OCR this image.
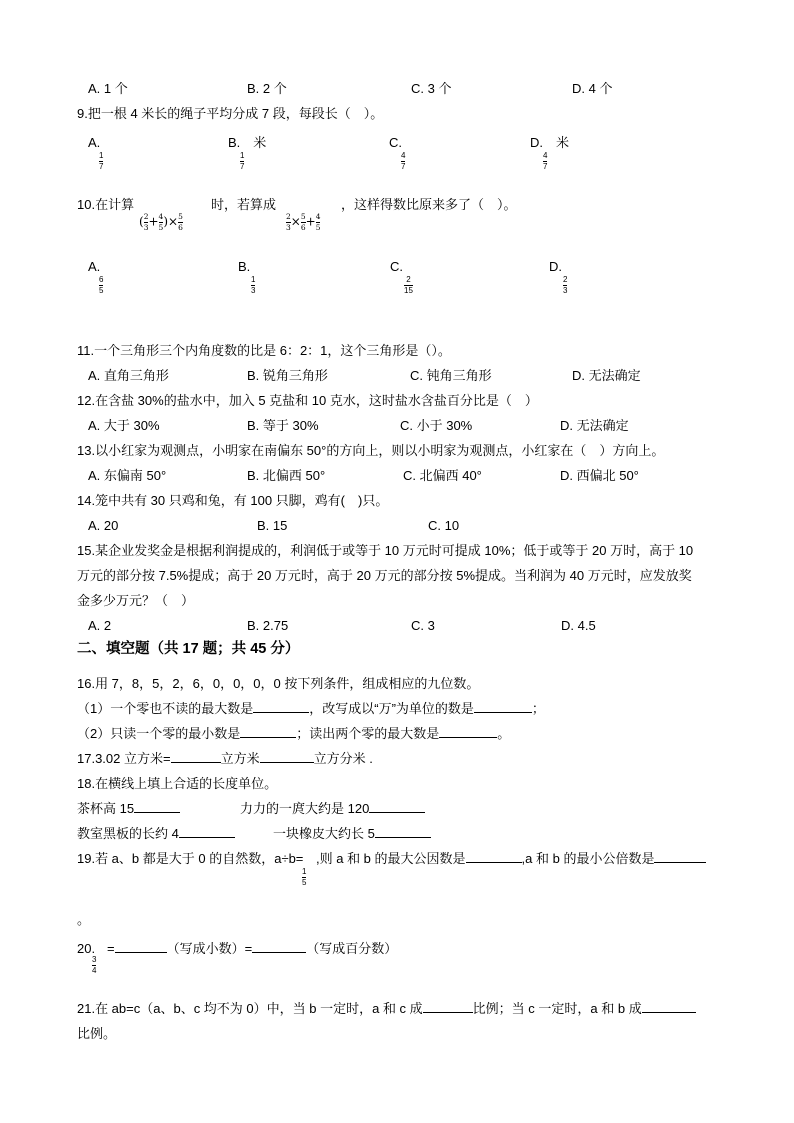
A. 1 个	B. 2 个	C. 3 个	D. 4 个
9.把一根 4 米长的绳子平均分成 7 段，每段长（　）。
A.
1
7
B.　米
1
7
C.
4
7
D.　米
4
7
10.在计算
( $\frac{2}{3} + \frac{4}{5}$ )× $\frac{5}{6}$
时，若算成
$\frac{2}{3} \times \frac{5}{6} + \frac{4}{5}$
，这样得数比原来多了（　）。
A.
6
5
B.
1
3
C.
2
15
D.
2
3
11.一个三角形三个内角度数的比是 6：2：1，这个三角形是（）。
A. 直角三角形	B. 锐角三角形	C. 钝角三角形	D. 无法确定
12.在含盐 30%的盐水中，加入 5 克盐和 10 克水，这时盐水含盐百分比是（　）
A. 大于 30%	B. 等于 30%	C. 小于 30%	D. 无法确定
13.以小红家为观测点，小明家在南偏东 50°的方向上，则以小明家为观测点，小红家在（　）方向上。
A. 东偏南 50°	B. 北偏西 50°	C. 北偏西 40°	D. 西偏北 50°
14.笼中共有 30 只鸡和兔，有 100 只脚，鸡有(　)只。
A. 20	B. 15	C. 10
15.某企业发奖金是根据利润提成的，利润低于或等于 10 万元时可提成 10%；低于或等于 20 万时，高于 10
万元的部分按 7.5%提成；高于 20 万元时，高于 20 万元的部分按 5%提成。当利润为 40 万元时，应发放奖
金多少万元？（　）
A. 2	B. 2.75	C. 3	D. 4.5
二、填空题（共 17 题；共 45 分）
16.用 7，8，5，2，6，0，0，0，0 按下列条件，组成相应的九位数。
（1）一个零也不读的最大数是	，改写成以“万”为单位的数是	；
（2）只读一个零的最小数是	；读出两个零的最大数是	。
17.3.02 立方米=	立方米	立方分米 .
18.在横线上填上合适的长度单位。
茶杯高 15	力力的一庹大约是 120
教室黑板的长约 4	一块橡皮大约长 5
19.若 a、b 都是大于 0 的自然数，a÷b=
1
5
,则 a 和 b 的最大公因数是	,a 和 b 的最小公倍数是
。
20.
3
4
=	（写成小数）=	（写成百分数）
21.在 ab=c（a、b、c 均不为 0）中，当 b 一定时，a 和 c 成	比例；当 c 一定时，a 和 b 成
比例。
